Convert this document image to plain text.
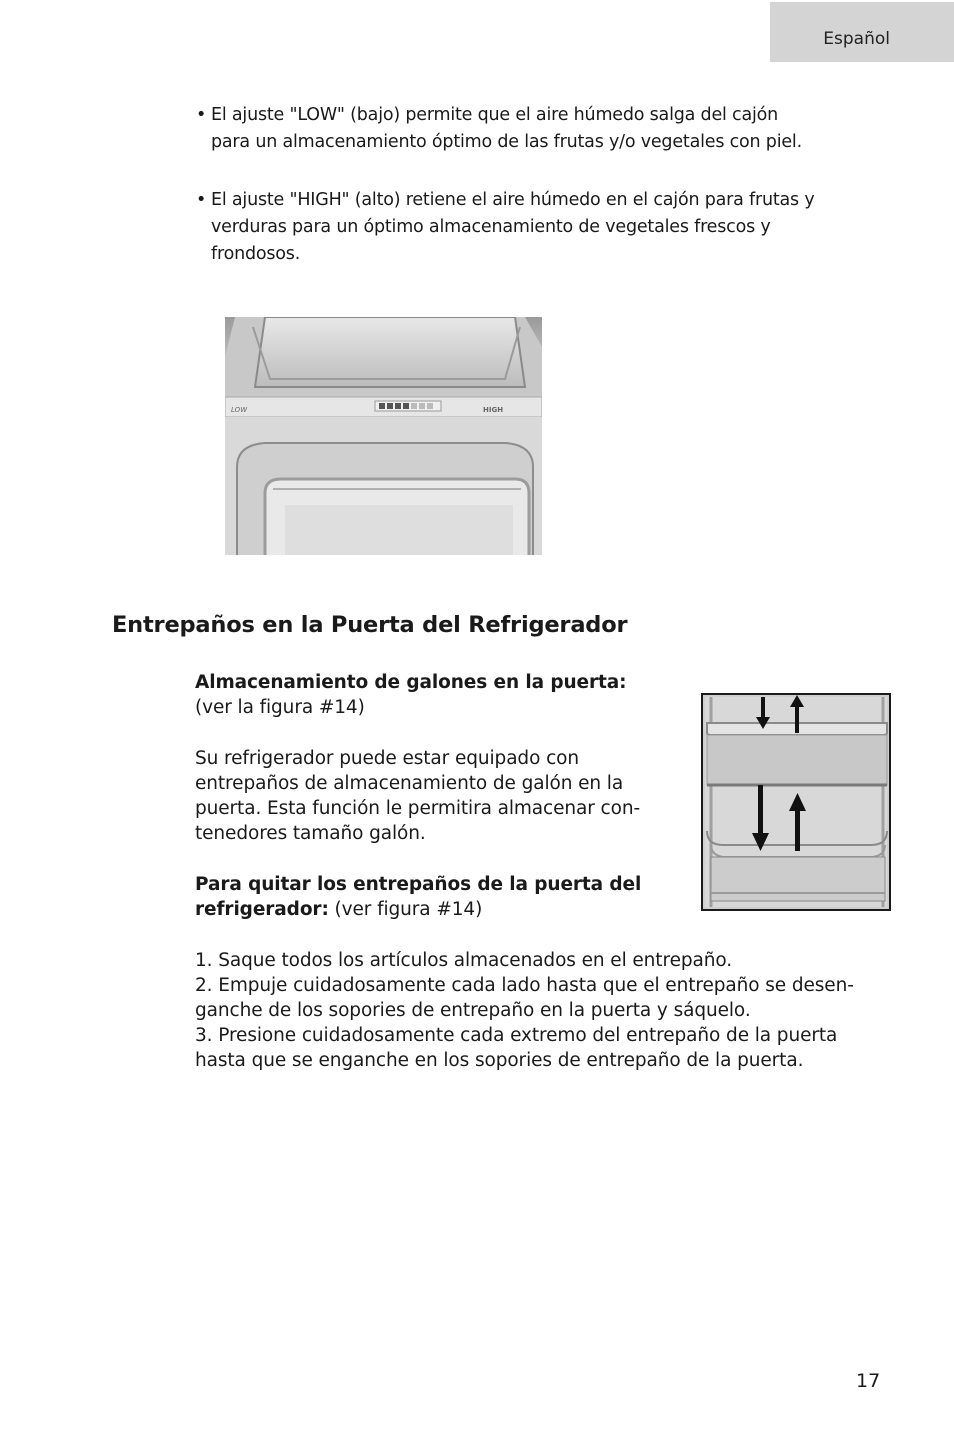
Español
• El ajuste "LOW" (bajo) permite que el aire húmedo salga del cajón
para un almacenamiento óptimo de las frutas y/o vegetales con piel.
• El ajuste "HIGH" (alto) retiene el aire húmedo en el cajón para frutas y
verduras para un óptimo almacenamiento de vegetales frescos y
frondosos.
LOW	HIGH
Entrepaños en la Puerta del Refrigerador

Almacenamiento de galones en la puerta:

(ver la figura #14)

Su refrigerador puede estar equipado con
entrepaños de almacenamiento de galón en la
puerta. Esta función le permitira almacenar con-
tenedores tamaño galón.
Para quitar los entrepaños de la puerta del
refrigerador: (ver figura #14)
1. Saque todos los artículos almacenados en el entrepaño.
2. Empuje cuidadosamente cada lado hasta que el entrepaño se desen-
ganche de los sopories de entrepaño en la puerta y sáquelo.
3. Presione cuidadosamente cada extremo del entrepaño de la puerta
hasta que se enganche en los sopories de entrepaño de la puerta.
17
